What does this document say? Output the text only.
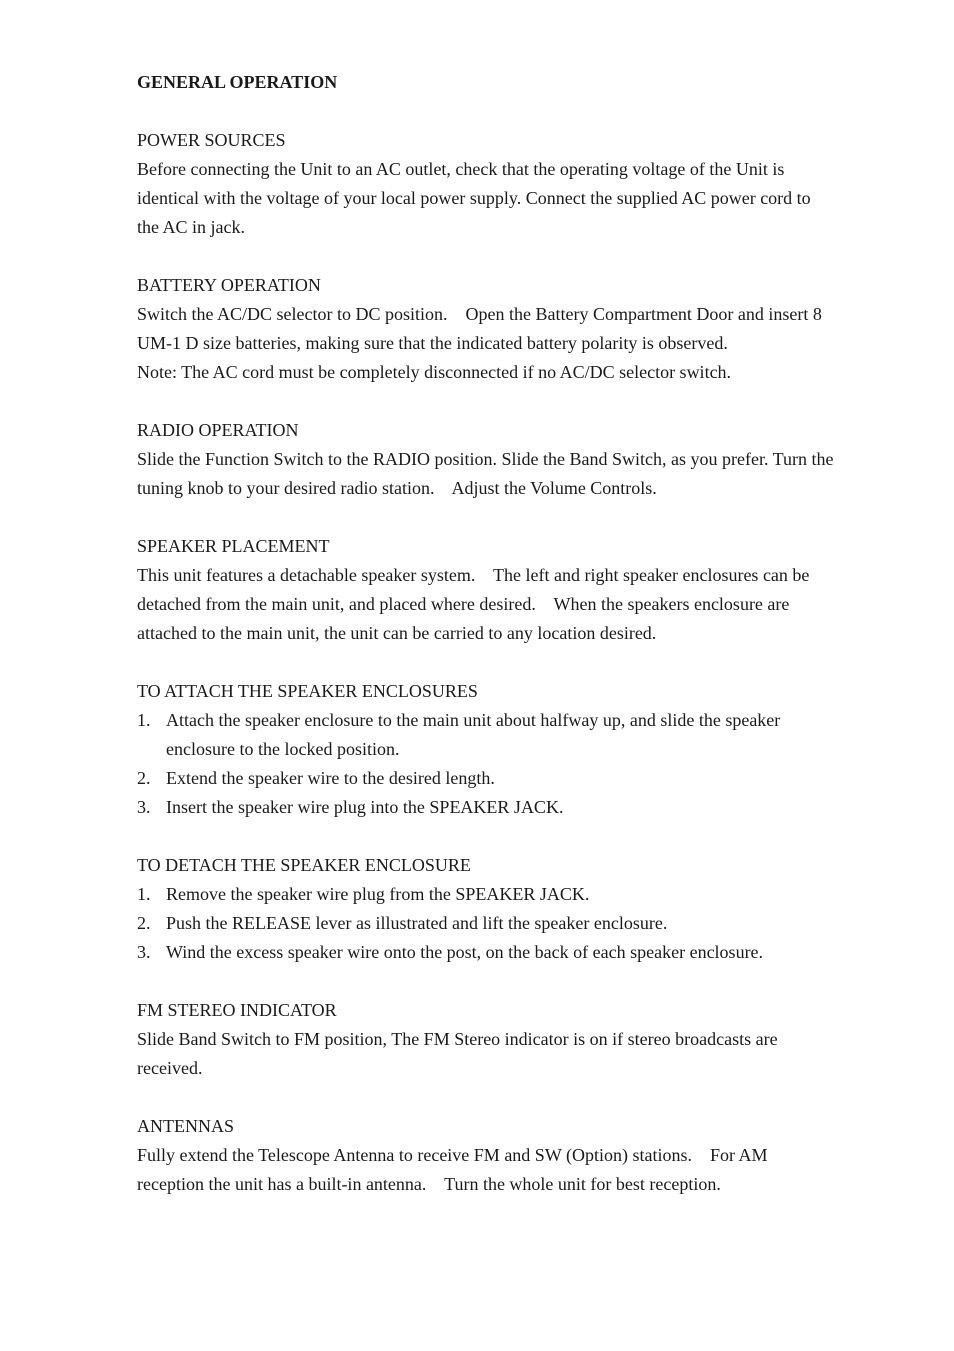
GENERAL OPERATION

POWER SOURCES

Before connecting the Unit to an AC outlet, check that the operating voltage of the Unit is identical with the voltage of your local power supply. Connect the supplied AC power cord to the AC in jack.

BATTERY OPERATION

Switch the AC/DC selector to DC position.    Open the Battery Compartment Door and insert 8 UM-1 D size batteries, making sure that the indicated battery polarity is observed.

Note: The AC cord must be completely disconnected if no AC/DC selector switch.

RADIO OPERATION

Slide the Function Switch to the RADIO position. Slide the Band Switch, as you prefer. Turn the tuning knob to your desired radio station.    Adjust the Volume Controls.

SPEAKER PLACEMENT

This unit features a detachable speaker system.    The left and right speaker enclosures can be detached from the main unit, and placed where desired.    When the speakers enclosure are attached to the main unit, the unit can be carried to any location desired.

TO ATTACH THE SPEAKER ENCLOSURES

1. Attach the speaker enclosure to the main unit about halfway up, and slide the speaker enclosure to the locked position.
2. Extend the speaker wire to the desired length.
3. Insert the speaker wire plug into the SPEAKER JACK.

TO DETACH THE SPEAKER ENCLOSURE

1. Remove the speaker wire plug from the SPEAKER JACK.
2. Push the RELEASE lever as illustrated and lift the speaker enclosure.
3. Wind the excess speaker wire onto the post, on the back of each speaker enclosure.

FM STEREO INDICATOR

Slide Band Switch to FM position, The FM Stereo indicator is on if stereo broadcasts are received.

ANTENNAS

Fully extend the Telescope Antenna to receive FM and SW (Option) stations.    For AM reception the unit has a built-in antenna.    Turn the whole unit for best reception.
